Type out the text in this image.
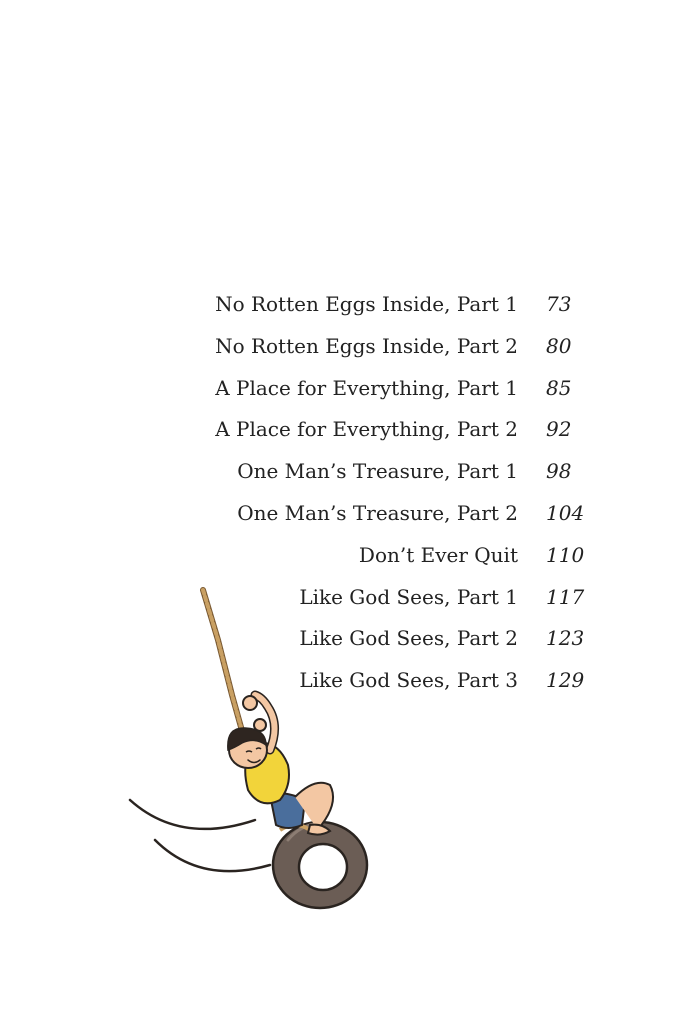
No Rotten Eggs Inside, Part 1 73
No Rotten Eggs Inside, Part 2 80
A Place for Everything, Part 1 85
A Place for Everything, Part 2 92
One Man’s Treasure, Part 1 98
One Man’s Treasure, Part 2 104
Don’t Ever Quit 110
Like God Sees, Part 1 117
Like God Sees, Part 2 123
Like God Sees, Part 3 129
